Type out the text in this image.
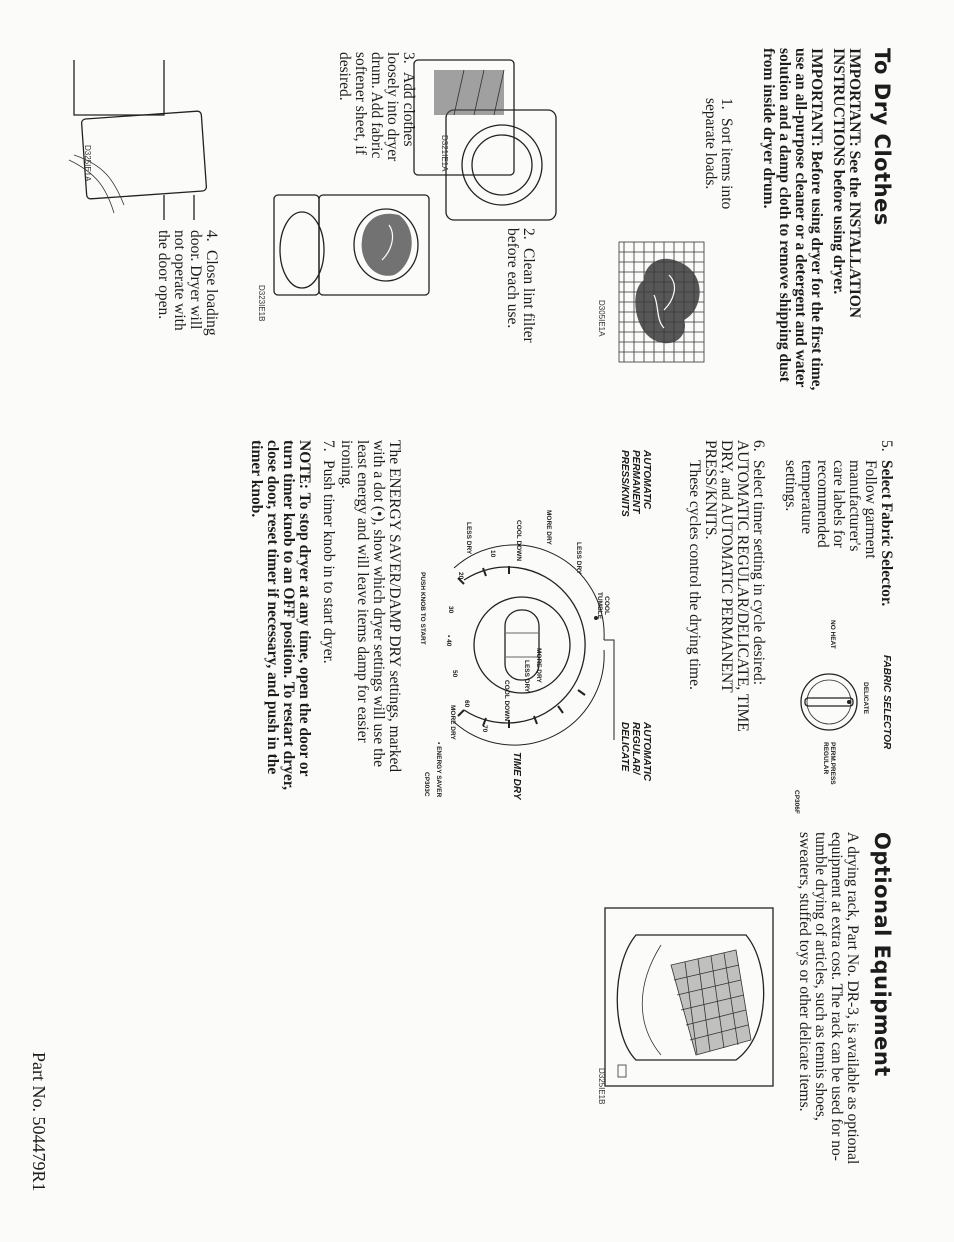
To Dry Clothes
IMPORTANT: See the INSTALLATION INSTRUCTIONS before using dryer.
IMPORTANT: Before using dryer for the first time, use an all-purpose cleaner or a detergent and water solution and a damp cloth to remove shipping dust from inside dryer drum.
1.Sort items into separate loads.
D305IE1A
2.Clean lint filter before each use.
D321IE1A
3.Add clothes loosely into dryer drum. Add fabric softener sheet, if desired.
D323IE1B
4.Close loading door. Dryer will not operate with the door open.
D325IE1A
5.Select Fabric Selector.
Follow garment manufacturer's care labels for recommended temperature settings.
FABRIC SELECTOR
DELICATE
NO HEAT
PERM.PRESS
REGULAR
CP306F
6.Select timer setting in cycle desired: AUTOMATIC REGULAR/DELICATE, TIME DRY, and AUTOMATIC PERMANENT PRESS/KNITS.
These cycles control the drying time.
AUTOMATIC
PERMANENT
PRESS/KNITS
AUTOMATIC
REGULAR/
DELICATE
TIME DRY
COOL
TUMBLE
LESS DRY
MORE DRY
COOL DOWN
10
LESS DRY
20
30
• 40
50
60
70
MORE DRY
LESS DRY
COOL DOWN
MORE DRY
PUSH KNOB TO START
• ENERGY SAVER
CP303C
The ENERGY SAVER/DAMP DRY settings, marked with a dot (•), show which dryer settings will use the least energy and will leave items damp for easier ironing.
7.Push timer knob in to start dryer.
NOTE: To stop dryer at any time, open the door or turn timer knob to an OFF position. To restart dryer, close door, reset timer if necessary, and push in the timer knob.
Optional Equipment
A drying rack, Part No. DR-3, is available as optional equipment at extra cost. The rack can be used for no-tumble drying of articles, such as tennis shoes, sweaters, stuffed toys or other delicate items.
D325IE1B
Part No. 504479R1
